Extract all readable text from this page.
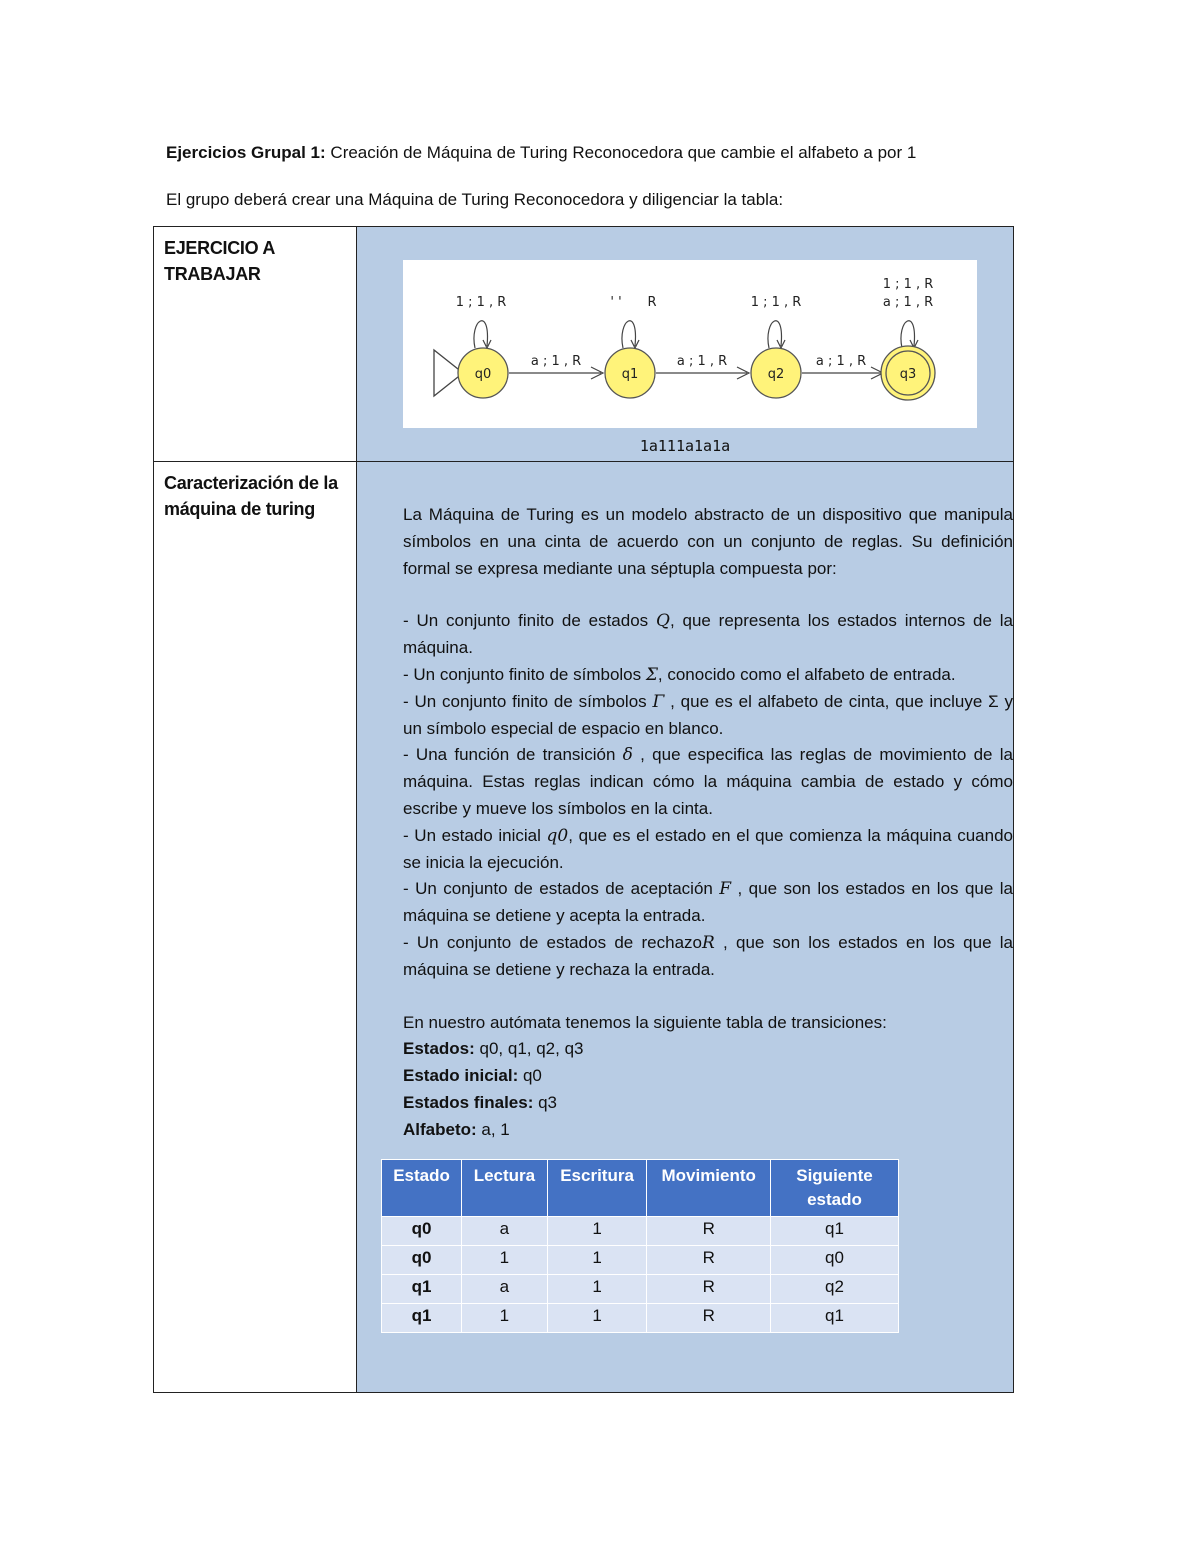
Ejercicios Grupal 1: Creación de Máquina de Turing Reconocedora que cambie el alfabeto a por 1
El grupo deberá crear una Máquina de Turing Reconocedora y diligenciar la tabla:
EJERCICIO A TRABAJAR

1 ; 1 , R
q0
a ; 1 , R
' ' R
q1
a ; 1 , R
1 ; 1 , R
q2
a ; 1 , R
1 ; 1 , R
a ; 1 , R
q3
1a111a1a1a

Caracterización de la máquina de turing	La Máquina de Turing es un modelo abstracto de un dispositivo que manipula símbolos en una cinta de acuerdo con un conjunto de reglas. Su definición formal se expresa mediante una séptupla compuesta por:

- Un conjunto finito de estados Q, que representa los estados internos de la máquina.

- Un conjunto finito de símbolos Σ, conocido como el alfabeto de entrada.

- Un conjunto finito de símbolos Γ , que es el alfabeto de cinta, que incluye Σ y un símbolo especial de espacio en blanco.

- Una función de transición δ , que especifica las reglas de movimiento de la máquina. Estas reglas indican cómo la máquina cambia de estado y cómo escribe y mueve los símbolos en la cinta.

- Un estado inicial q0, que es el estado en el que comienza la máquina cuando se inicia la ejecución.

- Un conjunto de estados de aceptación F , que son los estados en los que la máquina se detiene y acepta la entrada.

- Un conjunto de estados de rechazoR , que son los estados en los que la máquina se detiene y rechaza la entrada.

En nuestro autómata tenemos la siguiente tabla de transiciones:

Estados: q0, q1, q2, q3
Estado inicial: q0
Estados finales: q3
Alfabeto: a, 1
Estado	Lectura	Escritura	Movimiento	Siguiente estado
q0	a	1	R	q1
q0	1	1	R	q0
q1	a	1	R	q2
q1	1	1	R	q1
